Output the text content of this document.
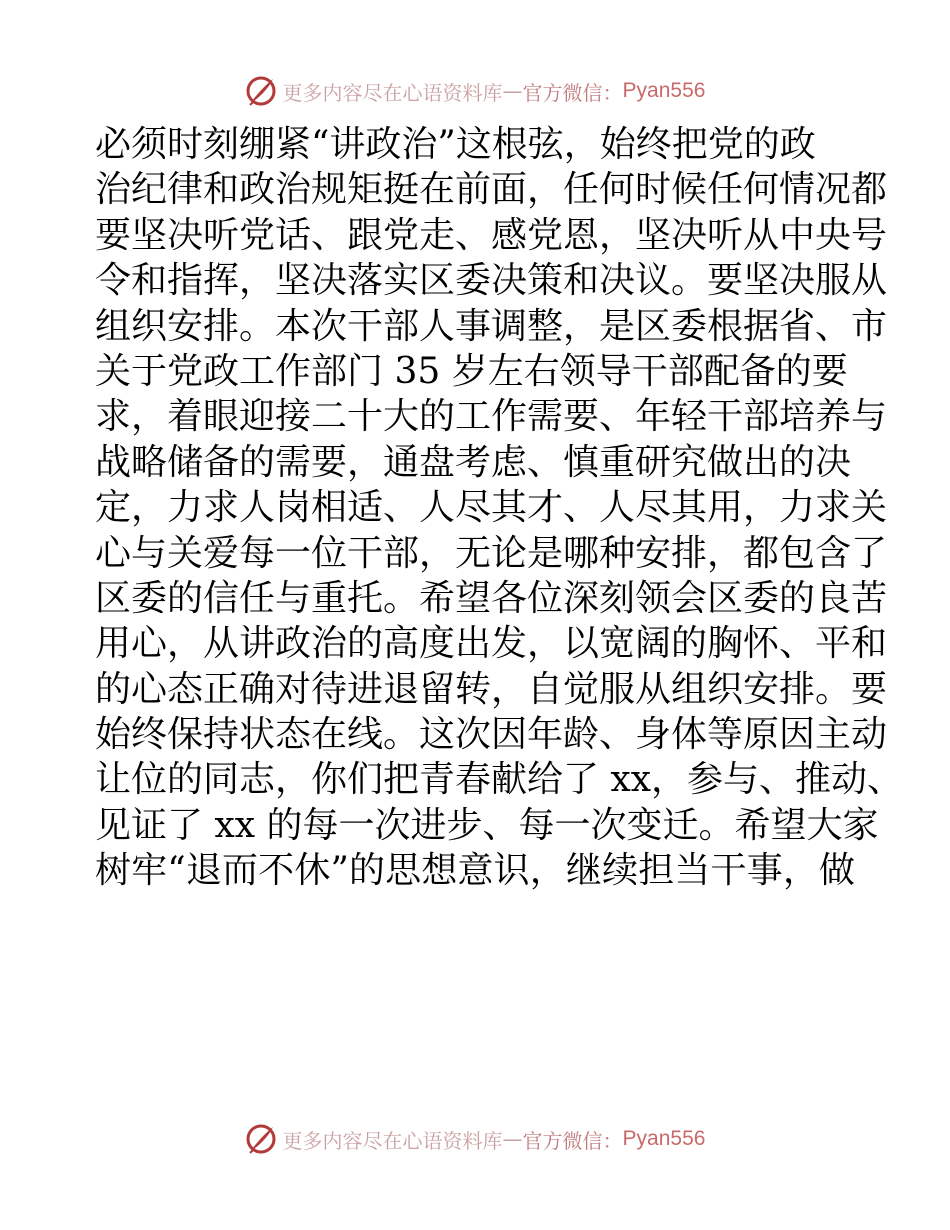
更多内容尽在心语资料库 — 官方微信： Pyan556
必须时刻绷紧“讲政治”这根弦，始终把党的政
治纪律和政治规矩挺在前面，任何时候任何情况都
要坚决听党话、跟党走、感党恩，坚决听从中央号
令和指挥，坚决落实区委决策和决议。要坚决服从
组织安排。本次干部人事调整，是区委根据省、市
关于党政工作部门 35 岁左右领导干部配备的要
求，着眼迎接二十大的工作需要、年轻干部培养与
战略储备的需要，通盘考虑、慎重研究做出的决
定，力求人岗相适、人尽其才、人尽其用，力求关
心与关爱每一位干部，无论是哪种安排，都包含了
区委的信任与重托。希望各位深刻领会区委的良苦
用心，从讲政治的高度出发，以宽阔的胸怀、平和
的心态正确对待进退留转，自觉服从组织安排。要
始终保持状态在线。这次因年龄、身体等原因主动
让位的同志，你们把青春献给了 xx，参与、推动、
见证了 xx 的每一次进步、每一次变迁。希望大家
树牢“退而不休”的思想意识，继续担当干事，做
更多内容尽在心语资料库 — 官方微信： Pyan556
